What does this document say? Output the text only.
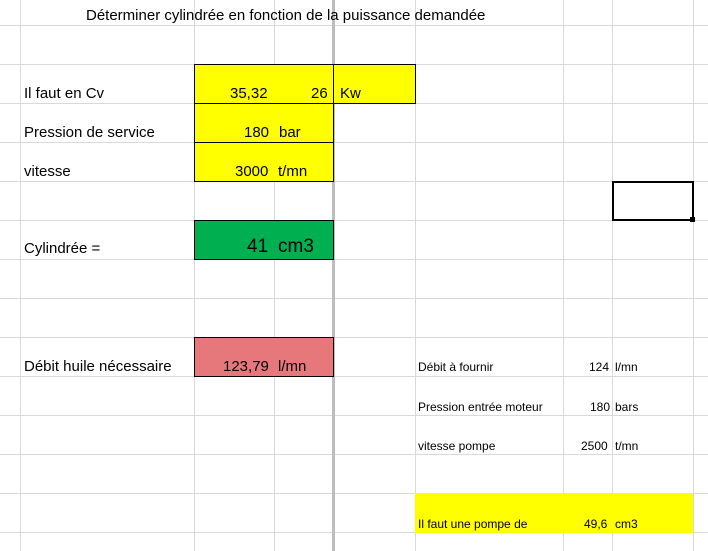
Déterminer cylindrée en fonction de la puissance demandée
Il faut en Cv	35,32	26 Kw
Pression de service	180 bar
vitesse	3000 t/mn
Cylindrée =	41 cm3
Débit huile nécessaire	123,79 l/mn	Débit à fournir	124 l/mn
Pression entrée moteur	180 bars
vitesse pompe	2500 t/mn
Il faut une pompe de	49,6 cm3
